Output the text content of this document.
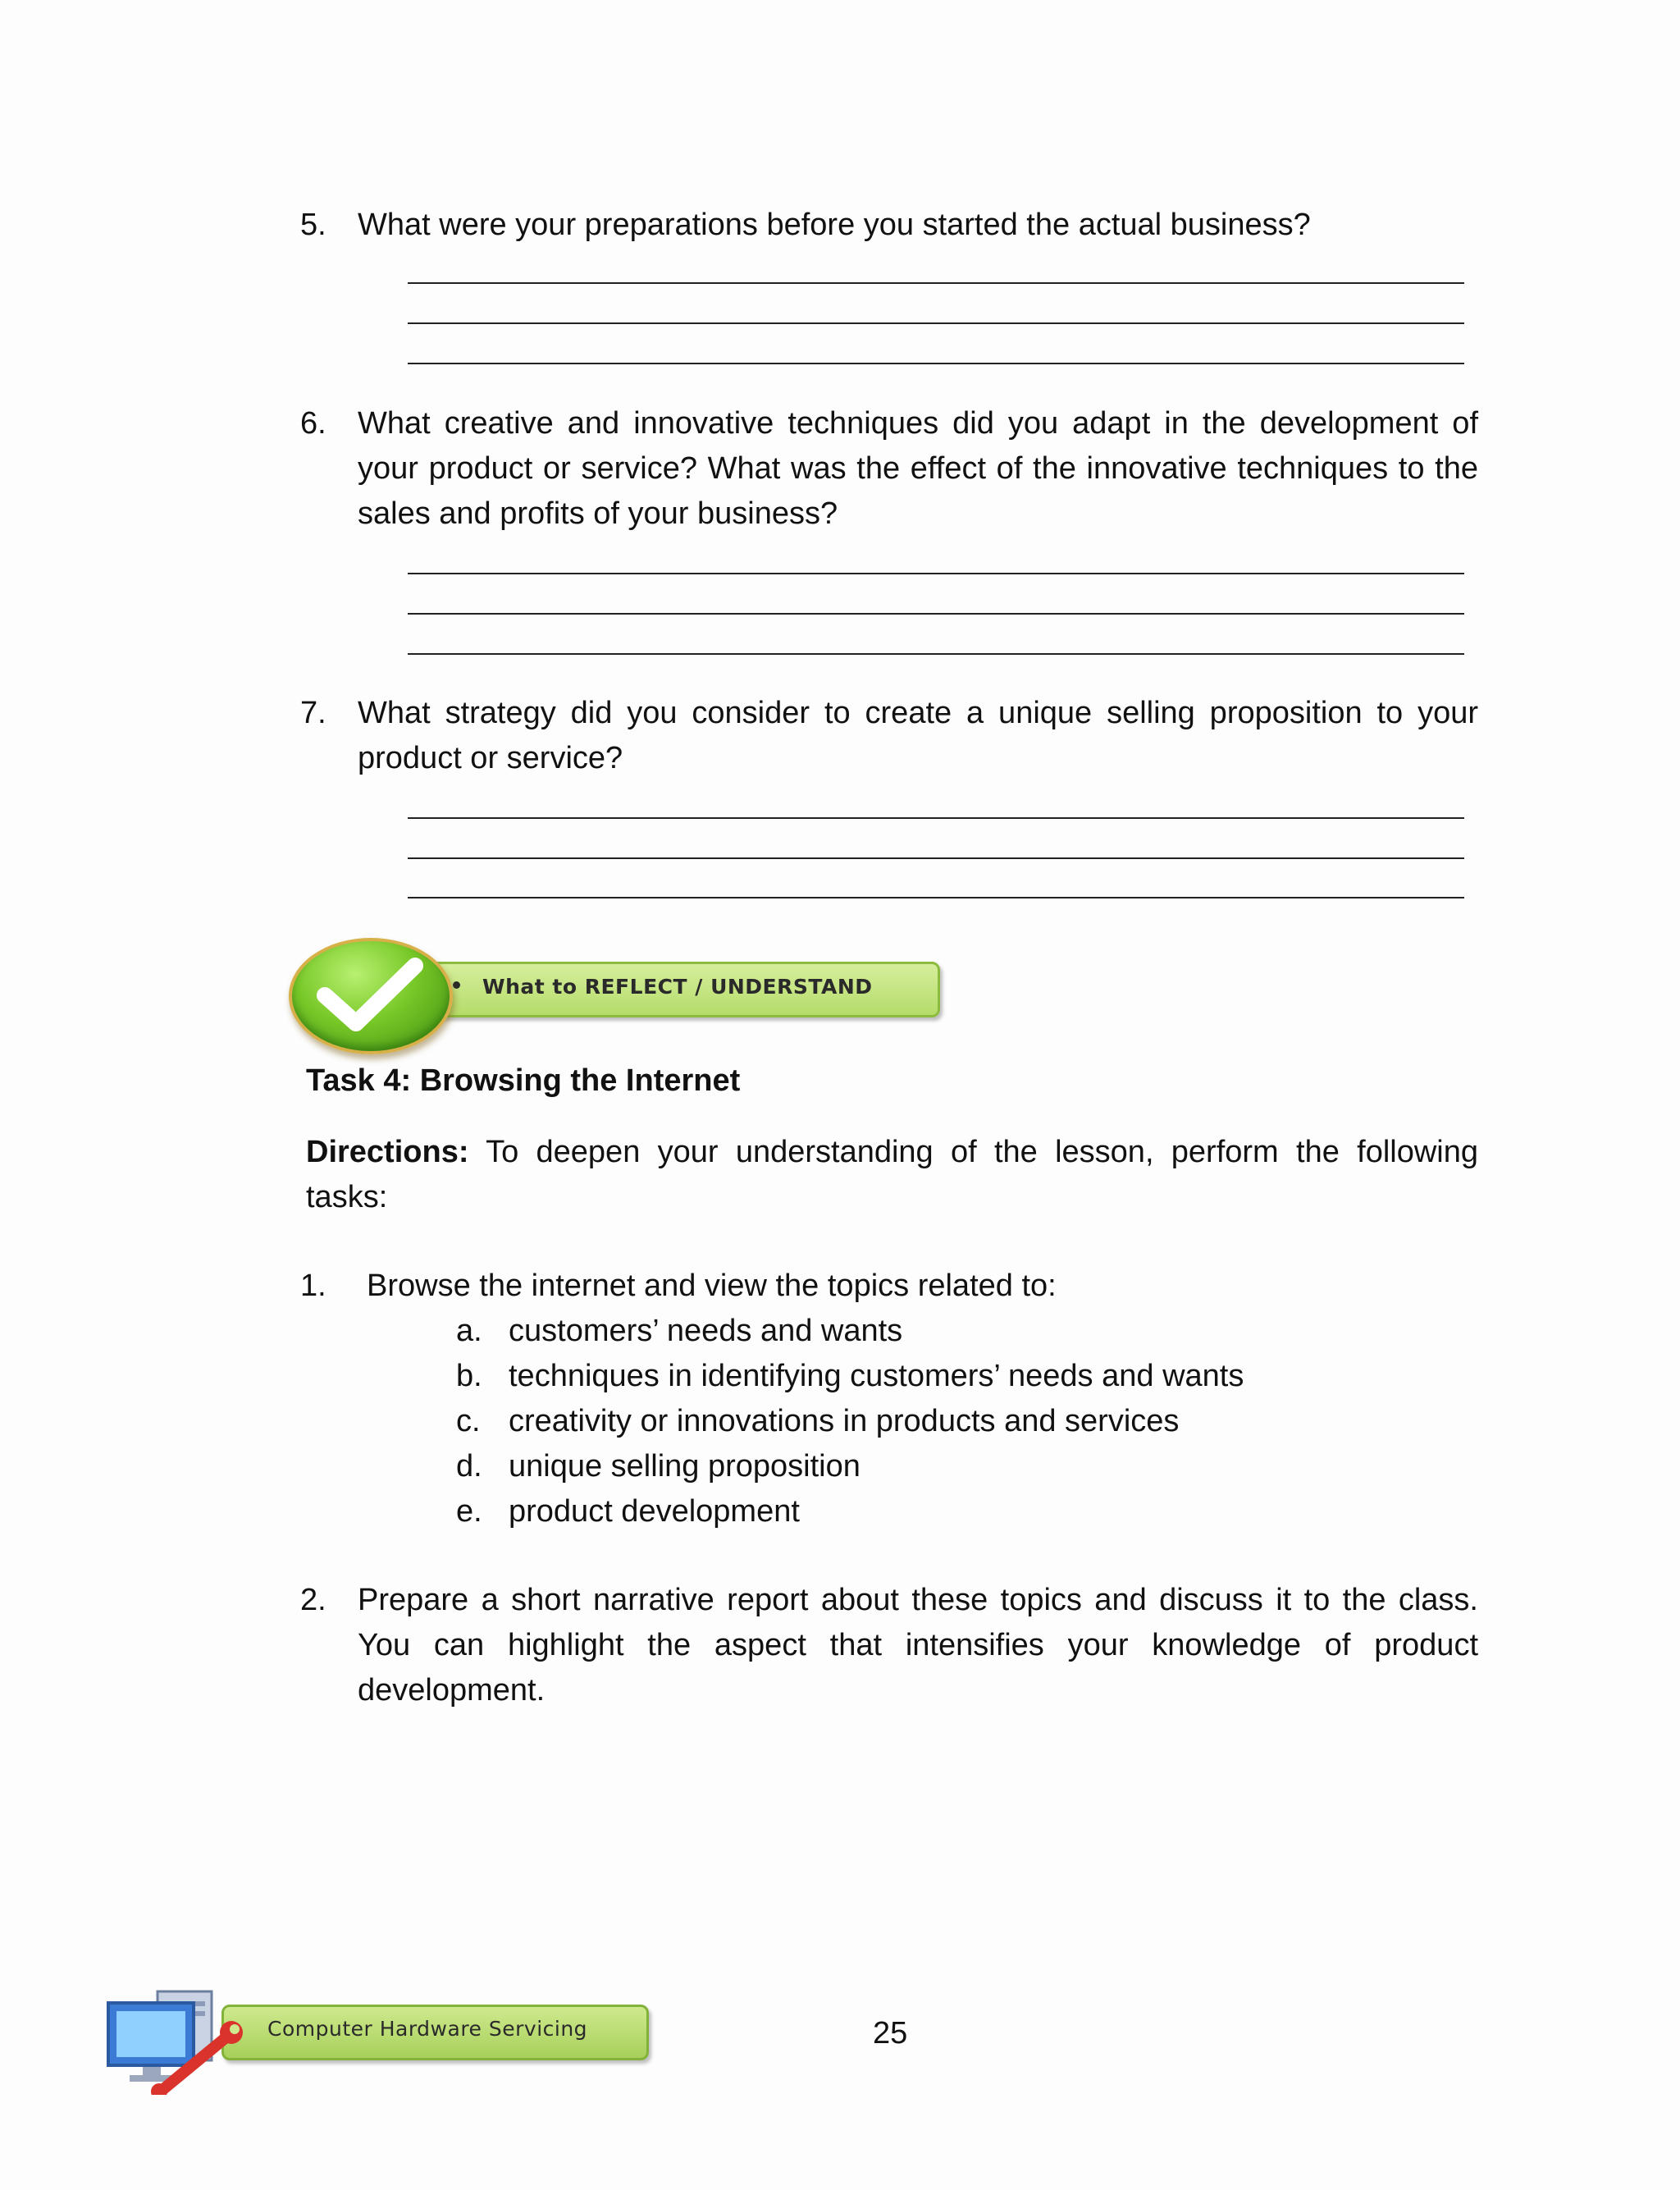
5. What were your preparations before you started the actual business?
6. What creative and innovative techniques did you adapt in the development of your product or service? What was the effect of the innovative techniques to the sales and profits of your business?
7. What strategy did you consider to create a unique selling proposition to your product or service?
What to REFLECT / UNDERSTAND
Task 4: Browsing the Internet
Directions: To deepen your understanding of the lesson, perform the following tasks:
1. Browse the internet and view the topics related to:
a. customers’ needs and wants
b. techniques in identifying customers’ needs and wants
c. creativity or innovations in products and services
d. unique selling proposition
e. product development
2. Prepare a short narrative report about these topics and discuss it to the class. You can highlight the aspect that intensifies your knowledge of product development.
Computer Hardware Servicing	25
